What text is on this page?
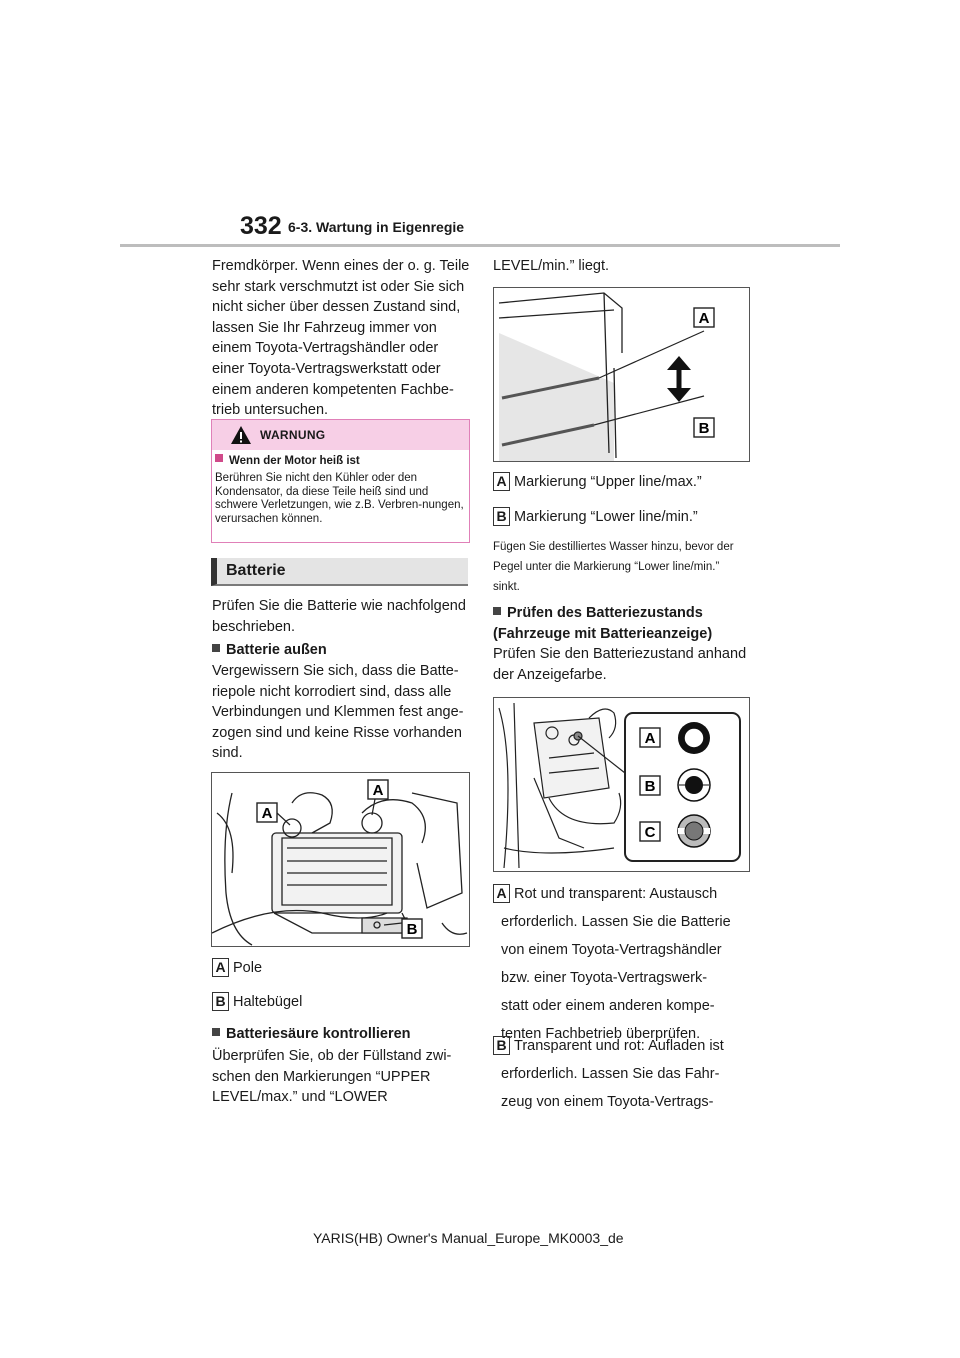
332 6-3. Wartung in Eigenregie
Fremdkörper. Wenn eines der o. g. Teile sehr stark verschmutzt ist oder Sie sich nicht sicher über dessen Zustand sind, lassen Sie Ihr Fahrzeug immer von einem Toyota-Vertragshändler oder einer Toyota-Vertragswerkstatt oder einem anderen kompetenten Fachbe-trieb untersuchen.
WARNUNG
Wenn der Motor heiß ist
Berühren Sie nicht den Kühler oder den Kondensator, da diese Teile heiß sind und schwere Verletzungen, wie z.B. Verbren-nungen, verursachen können.
Batterie
Prüfen Sie die Batterie wie nachfolgend beschrieben.
Batterie außen
Vergewissern Sie sich, dass die Batte-riepole nicht korrodiert sind, dass alle Verbindungen und Klemmen fest ange-zogen sind und keine Risse vorhanden sind.
A
A
B
A Pole
B Haltebügel
Batteriesäure kontrollieren
Überprüfen Sie, ob der Füllstand zwi-schen den Markierungen “UPPER LEVEL/max.” und “LOWER
LEVEL/min.” liegt.
A
B
A Markierung “Upper line/max.”
B Markierung “Lower line/min.”
Fügen Sie destilliertes Wasser hinzu, bevor der Pegel unter die Markierung “Lower line/min.” sinkt.
Prüfen des Batteriezustands (Fahrzeuge mit Batterieanzeige)
Prüfen Sie den Batteriezustand anhand der Anzeigefarbe.
A
B
C
A Rot und transparent: Austausch
erforderlich. Lassen Sie die Batterie
von einem Toyota-Vertragshändler
bzw. einer Toyota-Vertragswerk-
statt oder einem anderen kompe-
tenten Fachbetrieb überprüfen.
B Transparent und rot: Aufladen ist
erforderlich. Lassen Sie das Fahr-
zeug von einem Toyota-Vertrags-
YARIS(HB) Owner's Manual_Europe_MK0003_de
